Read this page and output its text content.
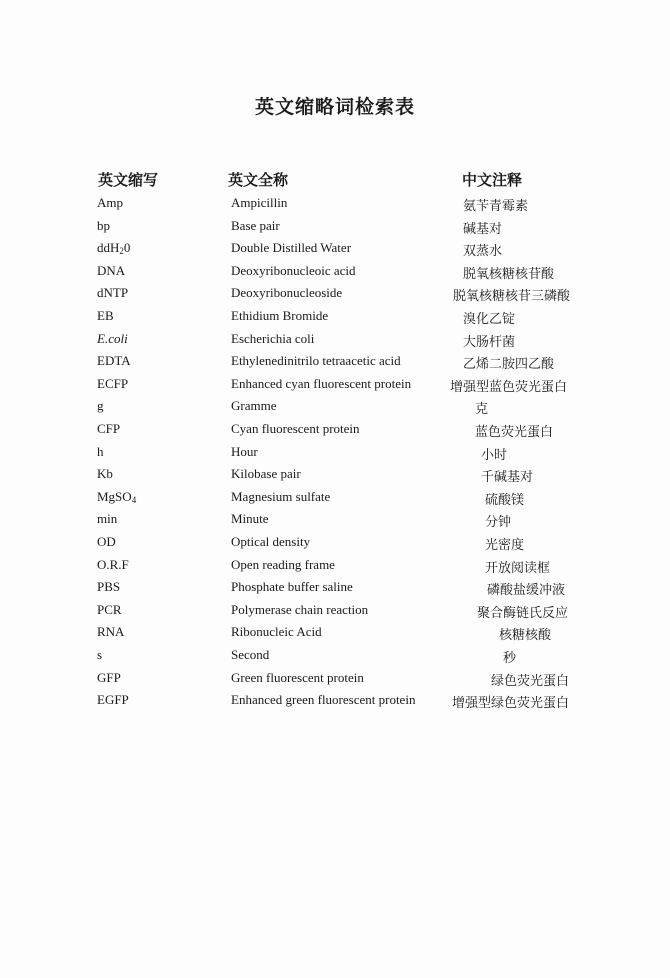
英文缩略词检索表
英文缩写	英文全称	中文注释
Amp	Ampicillin	氨苄青霉素
bp	Base pair	碱基对
ddH$_2$0	Double Distilled Water	双蒸水
DNA	Deoxyribonucleoic acid	脱氧核糖核苷酸
dNTP	Deoxyribonucleoside	脱氧核糖核苷三磷酸
EB	Ethidium Bromide	溴化乙锭
E.coli	Escherichia coli	大肠杆菌
EDTA	Ethylenedinitrilo tetraacetic acid	乙烯二胺四乙酸
ECFP	Enhanced cyan fluorescent protein	增强型蓝色荧光蛋白
g	Gramme	克
CFP	Cyan fluorescent protein	蓝色荧光蛋白
h	Hour	小时
Kb	Kilobase pair	千碱基对
MgSO$_4$	Magnesium sulfate	硫酸镁
min	Minute	分钟
OD	Optical density	光密度
O.R.F	Open reading frame	开放阅读框
PBS	Phosphate buffer saline	磷酸盐缓冲液
PCR	Polymerase chain reaction	聚合酶链氏反应
RNA	Ribonucleic Acid	核糖核酸
s	Second	秒
GFP	Green fluorescent protein	绿色荧光蛋白
EGFP	Enhanced green fluorescent protein	增强型绿色荧光蛋白
